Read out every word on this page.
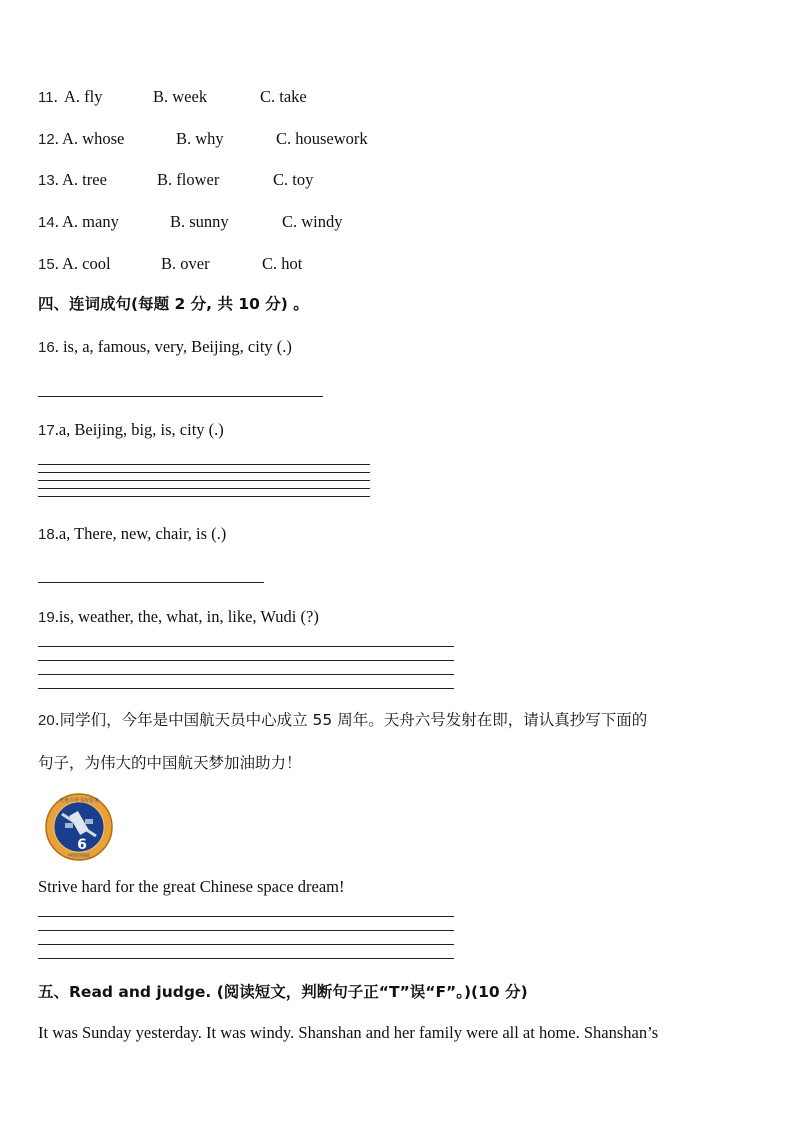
11. A. fly	B. week	C. take
12. A. whose	B. why	C. housework
13. A. tree	B. flower	C. toy
14. A. many	B. sunny	C. windy
15. A. cool	B. over	C. hot
四、连词成句(每题 2 分, 共 10 分) 。
16. is, a, famous, very, Beijing, city (.)
17.a, Beijing, big, is, city (.)
18.a, There, new, chair, is (.)
19.is, weather, the, what, in, like, Wudi (?)
20.同学们，今年是中国航天员中心成立 55 周年。天舟六号发射在即，请认真抄写下面的
句子，为伟大的中国航天梦加油助力！
6
天舟六号飞行任务
中国空间站
Strive hard for the great Chinese space dream!
五、Read and judge. (阅读短文，判断句子正“T”误“F”。)(10 分)
It was Sunday yesterday. It was windy. Shanshan and her family were all at home. Shanshan’s
